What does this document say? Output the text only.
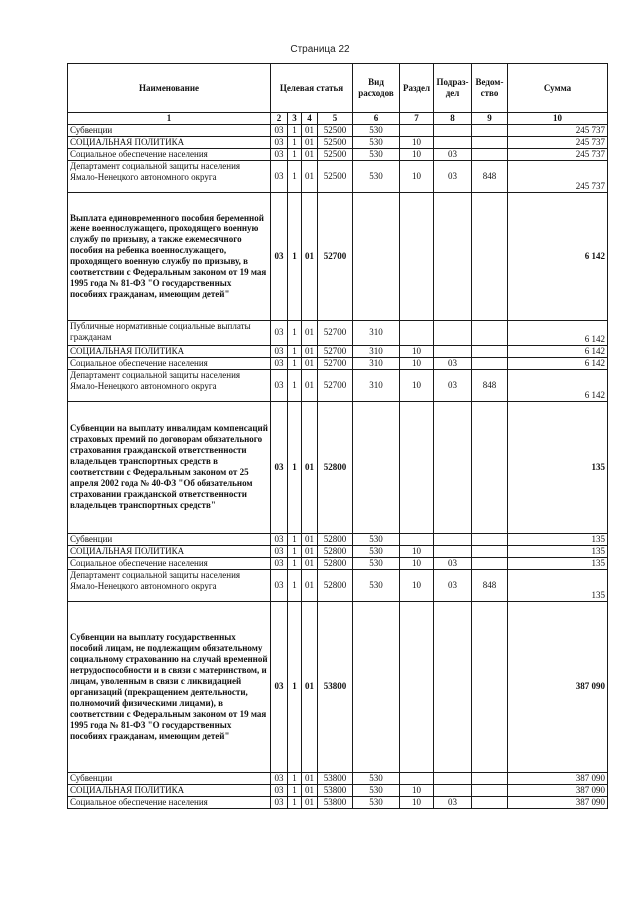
Страница 22
Наименование	Целевая статья				Вид расходов	Раздел	Подраз-дел	Ведом-ство	Сумма
1	2	3	4	5	6	7	8	9	10
Субвенции	03	1	01	52500	530				245 737
СОЦИАЛЬНАЯ ПОЛИТИКА	03	1	01	52500	530	10			245 737
Социальное обеспечение населения	03	1	01	52500	530	10	03		245 737
Департамент социальной защиты населения Ямало-Ненецкого автономного округа	03	1	01	52500	530	10	03	848	245 737
Выплата единовременного пособия беременной жене военнослужащего, проходящего военную службу по призыву, а также ежемесячного пособия на ребенка военнослужащего, проходящего военную службу по призыву, в соответствии с Федеральным законом от 19 мая 1995 года № 81-ФЗ "О государственных пособиях гражданам, имеющим детей"	03	1	01	52700					6 142
Публичные нормативные социальные выплаты гражданам	03	1	01	52700	310				6 142
СОЦИАЛЬНАЯ ПОЛИТИКА	03	1	01	52700	310	10			6 142
Социальное обеспечение населения	03	1	01	52700	310	10	03		6 142
Департамент социальной защиты населения Ямало-Ненецкого автономного округа	03	1	01	52700	310	10	03	848	6 142
Субвенции на выплату инвалидам компенсаций страховых премий по договорам обязательного страхования гражданской ответственности владельцев транспортных средств в соответствии с Федеральным законом от 25 апреля 2002 года № 40-ФЗ "Об обязательном страховании гражданской ответственности владельцев транспортных средств"	03	1	01	52800					135
Субвенции	03	1	01	52800	530				135
СОЦИАЛЬНАЯ ПОЛИТИКА	03	1	01	52800	530	10			135
Социальное обеспечение населения	03	1	01	52800	530	10	03		135
Департамент социальной защиты населения Ямало-Ненецкого автономного округа	03	1	01	52800	530	10	03	848	135
Субвенции на выплату государственных пособий лицам, не подлежащим обязательному социальному страхованию на случай временной нетрудоспособности и в связи с материнством, и лицам, уволенным в связи с ликвидацией организаций (прекращением деятельности, полномочий физическими лицами), в соответствии с Федеральным законом от 19 мая 1995 года № 81-ФЗ "О государственных пособиях гражданам, имеющим детей"	03	1	01	53800					387 090
Субвенции	03	1	01	53800	530				387 090
СОЦИАЛЬНАЯ ПОЛИТИКА	03	1	01	53800	530	10			387 090
Социальное обеспечение населения	03	1	01	53800	530	10	03		387 090
